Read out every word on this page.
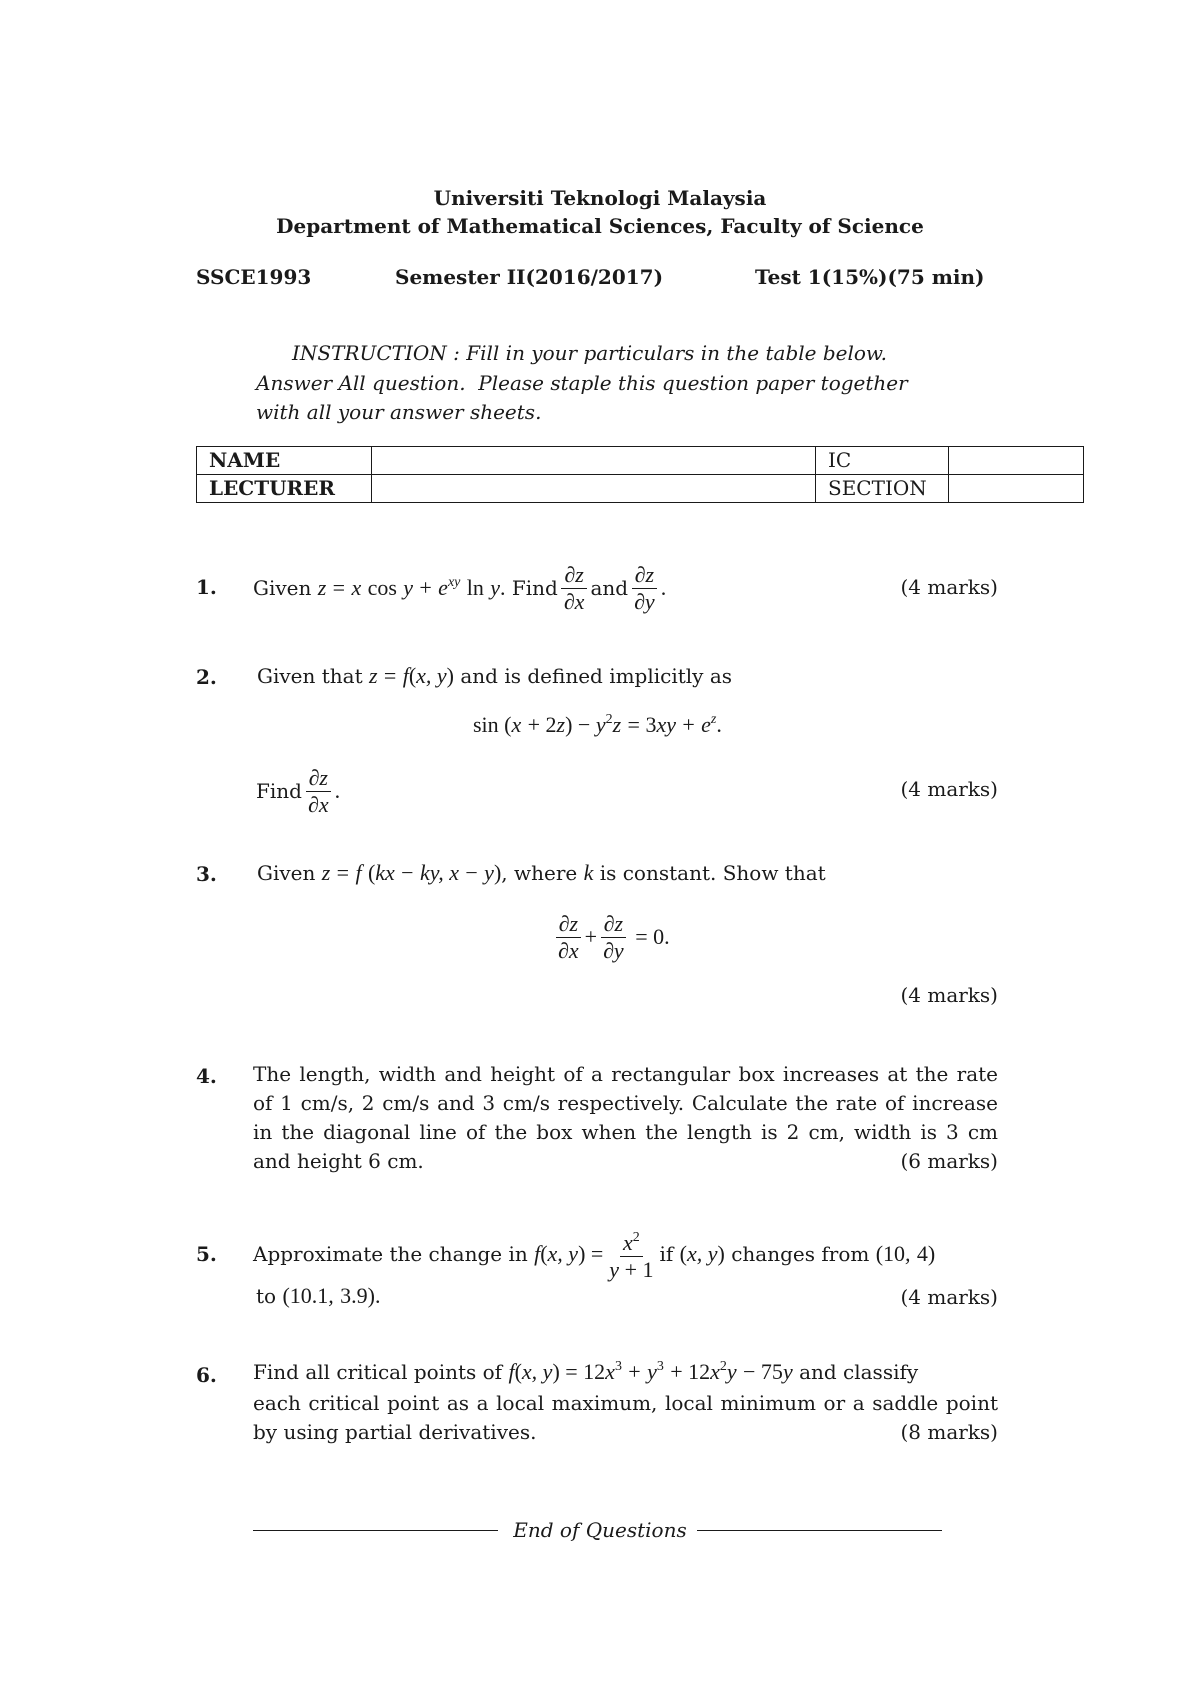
Universiti Teknologi Malaysia
Department of Mathematical Sciences, Faculty of Science
SSCE1993	Semester II(2016/2017)	Test 1(15%)(75 min)
INSTRUCTION : Fill in your particulars in the table below.
Answer All question.  Please staple this question paper together
with all your answer sheets.
NAME		IC	
LECTURER		SECTION	
1. Given
z
=
x
cos
y
+
$e^{xy}$
ln
y .
Find $\frac{\partial z}{\partial x}$ and $\frac{\partial z}{\partial y}$ .	(4 marks)
2. Given that z = f(x, y) and is defined implicitly as
$\sin (x + 2z) - y^2z = 3xy + e^z$.
Find $\frac{\partial z}{\partial x}$ .	(4 marks)
3. Given z = f (kx − ky, x − y), where k is constant. Show that
$\frac{\partial z}{\partial x} + \frac{\partial z}{\partial y} = 0$.
(4 marks)
4. The length, width and height of a rectangular box increases at the rate
of 1 cm/s, 2 cm/s and 3 cm/s respectively. Calculate the rate of increase
in the diagonal line of the box when the length is 2 cm, width is 3 cm
and height 6 cm.	(6 marks)
5. Approximate the change in
f ( x, y ) = $\frac{x^2}{y + 1}$ if
( x, y )
changes from
(10 ,
4)
to (10.1, 3.9).	(4 marks)
6. Find all critical points of f(x, $y) = 12x^3 + y^3 + 12x^2y - 75y$ and classify
each critical point as a local maximum, local minimum or a saddle point
by using partial derivatives.	(8 marks)
End of Questions
